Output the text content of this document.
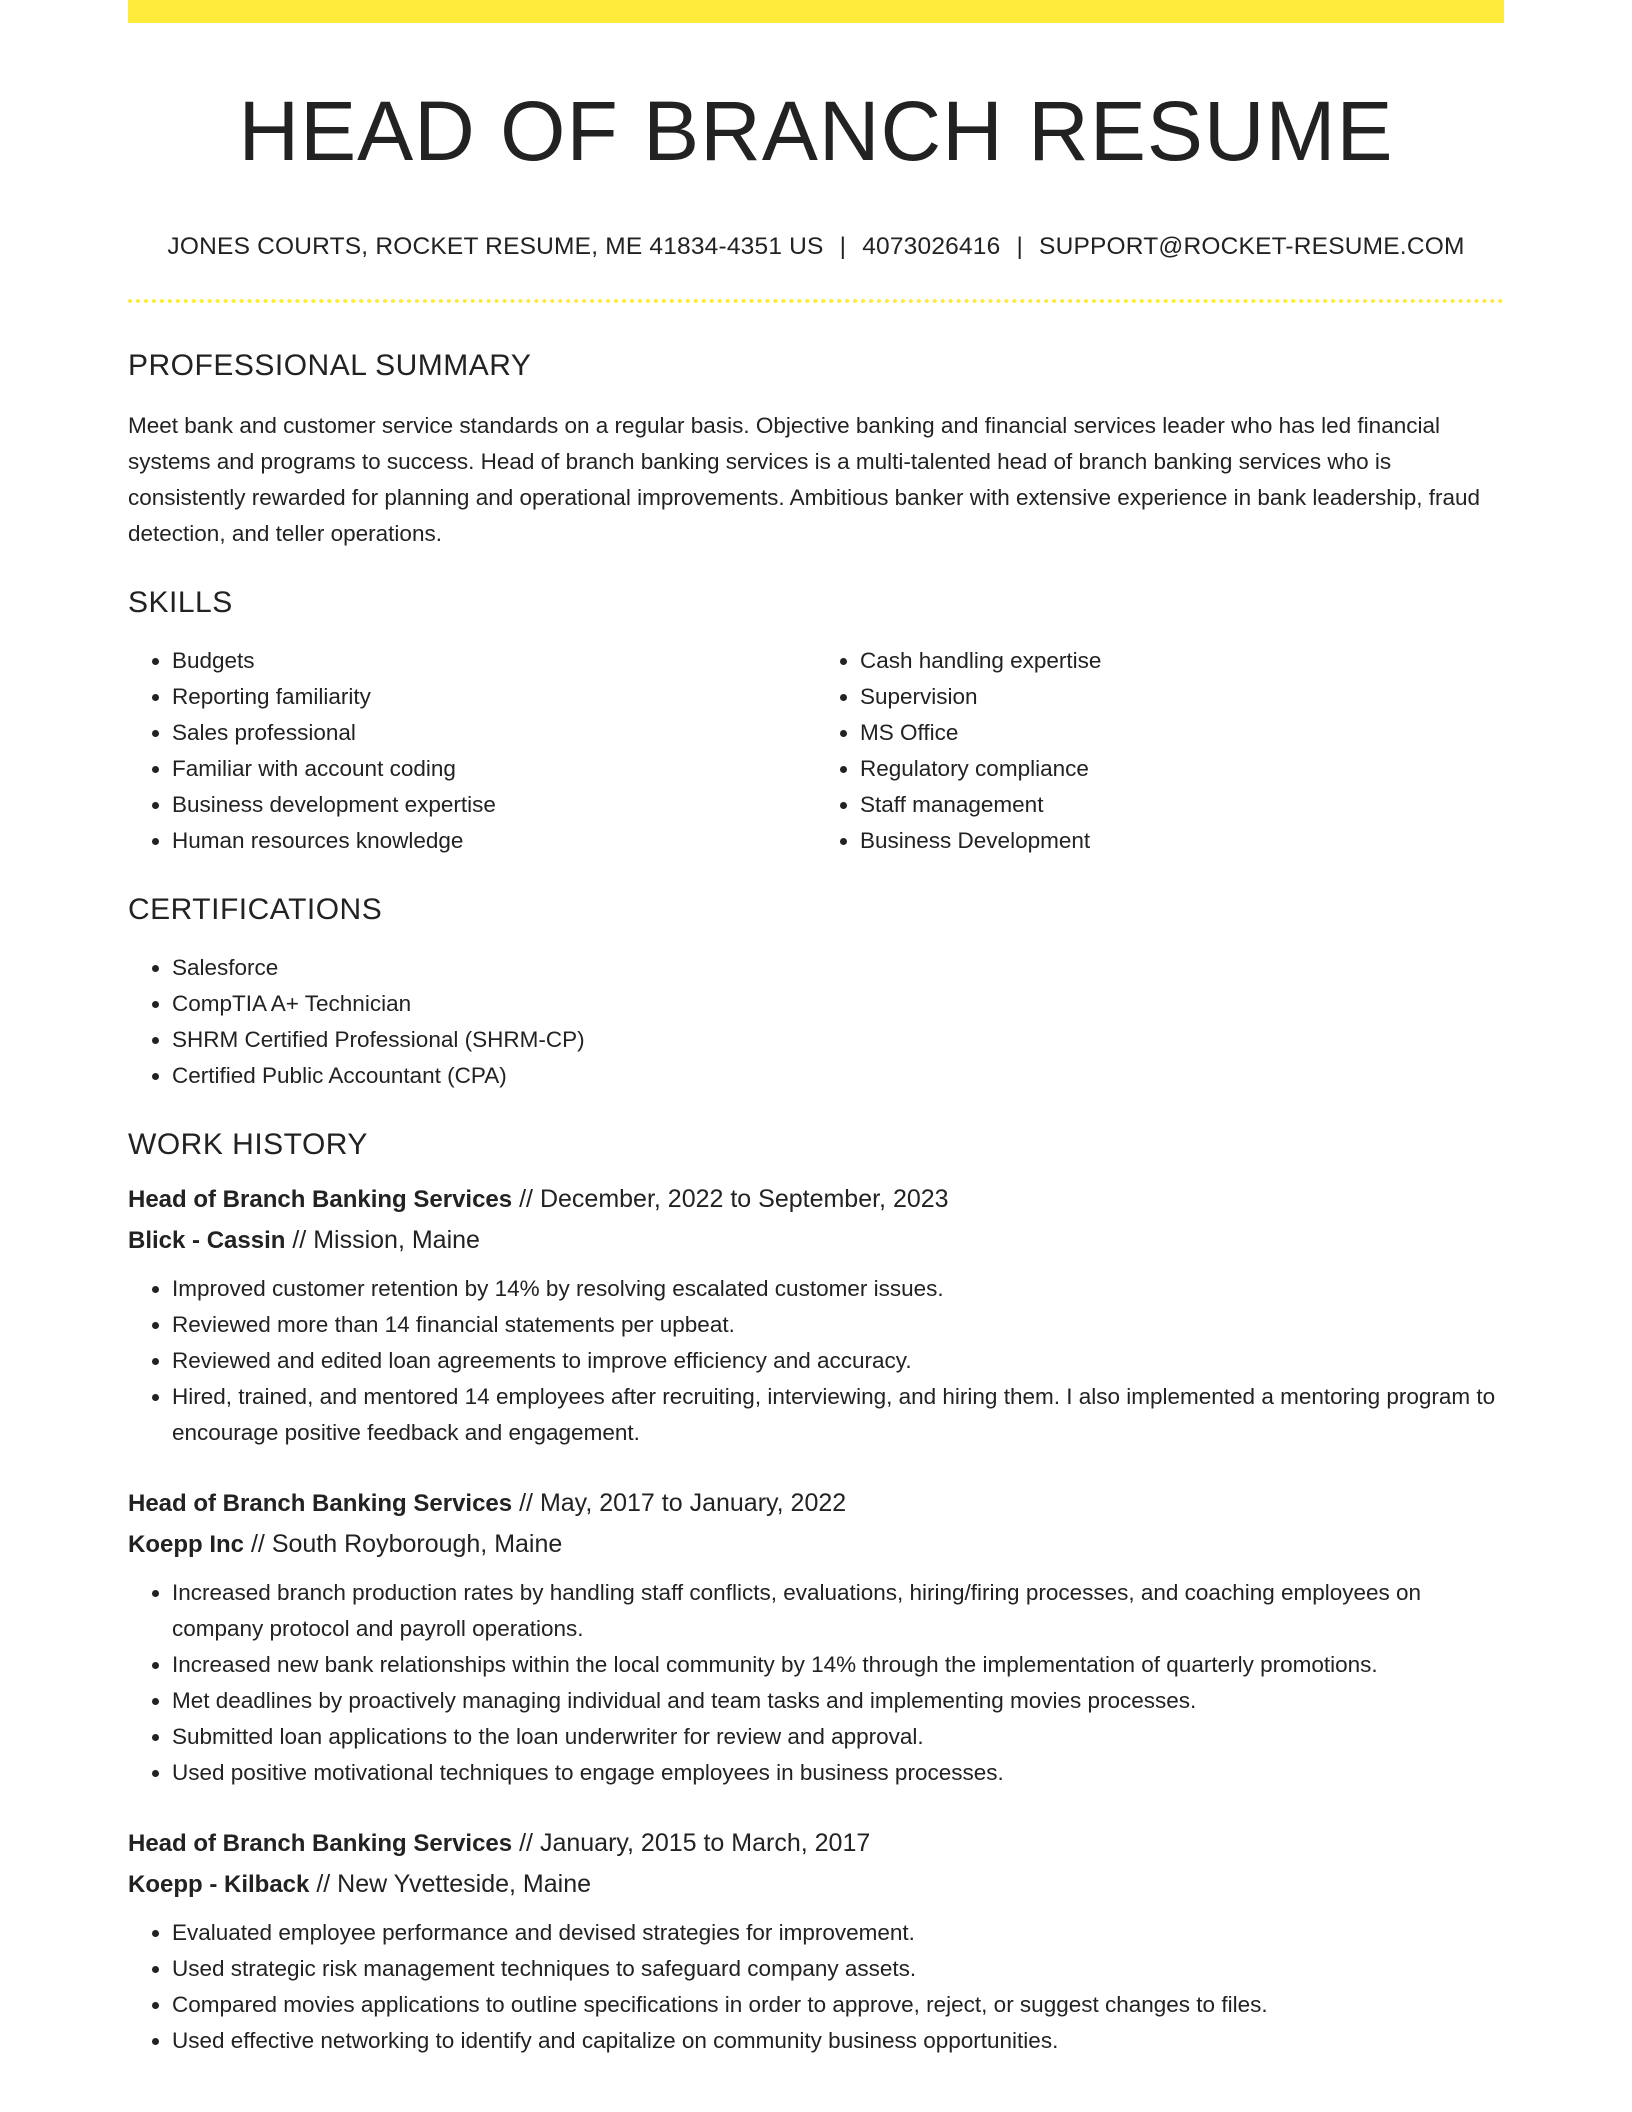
HEAD OF BRANCH RESUME
JONES COURTS, ROCKET RESUME, ME 41834-4351 US | 4073026416 | SUPPORT@ROCKET-RESUME.COM
PROFESSIONAL SUMMARY
Meet bank and customer service standards on a regular basis. Objective banking and financial services leader who has led financial systems and programs to success. Head of branch banking services is a multi-talented head of branch banking services who is consistently rewarded for planning and operational improvements. Ambitious banker with extensive experience in bank leadership, fraud detection, and teller operations.
SKILLS
• Budgets
• Reporting familiarity
• Sales professional
• Familiar with account coding
• Business development expertise
• Human resources knowledge
• Cash handling expertise
• Supervision
• MS Office
• Regulatory compliance
• Staff management
• Business Development
CERTIFICATIONS
• Salesforce
• CompTIA A+ Technician
• SHRM Certified Professional (SHRM-CP)
• Certified Public Accountant (CPA)
WORK HISTORY
Head of Branch Banking Services // December, 2022 to September, 2023
Blick - Cassin // Mission, Maine
• Improved customer retention by 14% by resolving escalated customer issues.
• Reviewed more than 14 financial statements per upbeat.
• Reviewed and edited loan agreements to improve efficiency and accuracy.
• Hired, trained, and mentored 14 employees after recruiting, interviewing, and hiring them. I also implemented a mentoring program to encourage positive feedback and engagement.
Head of Branch Banking Services // May, 2017 to January, 2022
Koepp Inc // South Royborough, Maine
• Increased branch production rates by handling staff conflicts, evaluations, hiring/firing processes, and coaching employees on company protocol and payroll operations.
• Increased new bank relationships within the local community by 14% through the implementation of quarterly promotions.
• Met deadlines by proactively managing individual and team tasks and implementing movies processes.
• Submitted loan applications to the loan underwriter for review and approval.
• Used positive motivational techniques to engage employees in business processes.
Head of Branch Banking Services // January, 2015 to March, 2017
Koepp - Kilback // New Yvetteside, Maine
• Evaluated employee performance and devised strategies for improvement.
• Used strategic risk management techniques to safeguard company assets.
• Compared movies applications to outline specifications in order to approve, reject, or suggest changes to files.
• Used effective networking to identify and capitalize on community business opportunities.
